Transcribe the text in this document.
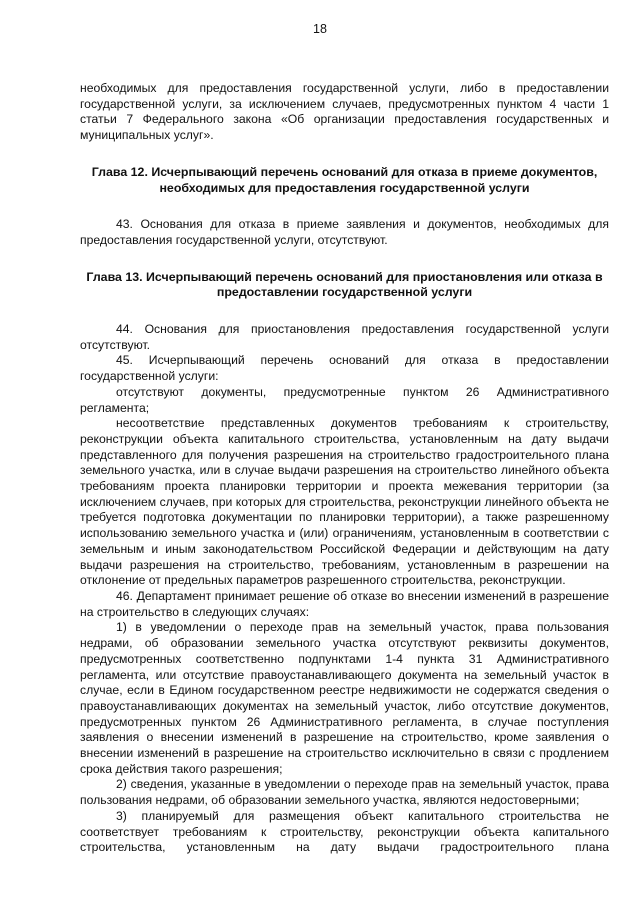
18

необходимых для предоставления государственной услуги, либо в предоставлении государственной услуги, за исключением случаев, предусмотренных пунктом 4 части 1 статьи 7 Федерального закона «Об организации предоставления государственных и муниципальных услуг».

Глава 12. Исчерпывающий перечень оснований для отказа в приеме документов, необходимых для предоставления государственной услуги

43. Основания для отказа в приеме заявления и документов, необходимых для предоставления государственной услуги, отсутствуют.

Глава 13. Исчерпывающий перечень оснований для приостановления или отказа в предоставлении государственной услуги

44. Основания для приостановления предоставления государственной услуги отсутствуют.

45. Исчерпывающий перечень оснований для отказа в предоставлении государственной услуги:

отсутствуют документы, предусмотренные пунктом 26 Административного регламента;

несоответствие представленных документов требованиям к строительству, реконструкции объекта капитального строительства, установленным на дату выдачи представленного для получения разрешения на строительство градостроительного плана земельного участка, или в случае выдачи разрешения на строительство линейного объекта требованиям проекта планировки территории и проекта межевания территории (за исключением случаев, при которых для строительства, реконструкции линейного объекта не требуется подготовка документации по планировки территории), а также разрешенному использованию земельного участка и (или) ограничениям, установленным в соответствии с земельным и иным законодательством Российской Федерации и действующим на дату выдачи разрешения на строительство, требованиям, установленным в разрешении на отклонение от предельных параметров разрешенного строительства, реконструкции.

46. Департамент принимает решение об отказе во внесении изменений в разрешение на строительство в следующих случаях:

1) в уведомлении о переходе прав на земельный участок, права пользования недрами, об образовании земельного участка отсутствуют реквизиты документов, предусмотренных соответственно подпунктами 1-4 пункта 31 Административного регламента, или отсутствие правоустанавливающего документа на земельный участок в случае, если в Едином государственном реестре недвижимости не содержатся сведения о правоустанавливающих документах на земельный участок, либо отсутствие документов, предусмотренных пунктом 26 Административного регламента, в случае поступления заявления о внесении изменений в разрешение на строительство, кроме заявления о внесении изменений в разрешение на строительство исключительно в связи с продлением срока действия такого разрешения;

2) сведения, указанные в уведомлении о переходе прав на земельный участок, права пользования недрами, об образовании земельного участка, являются недостоверными;

3) планируемый для размещения объект капитального строительства не соответствует требованиям к строительству, реконструкции объекта капитального строительства, установленным на дату выдачи градостроительного плана
